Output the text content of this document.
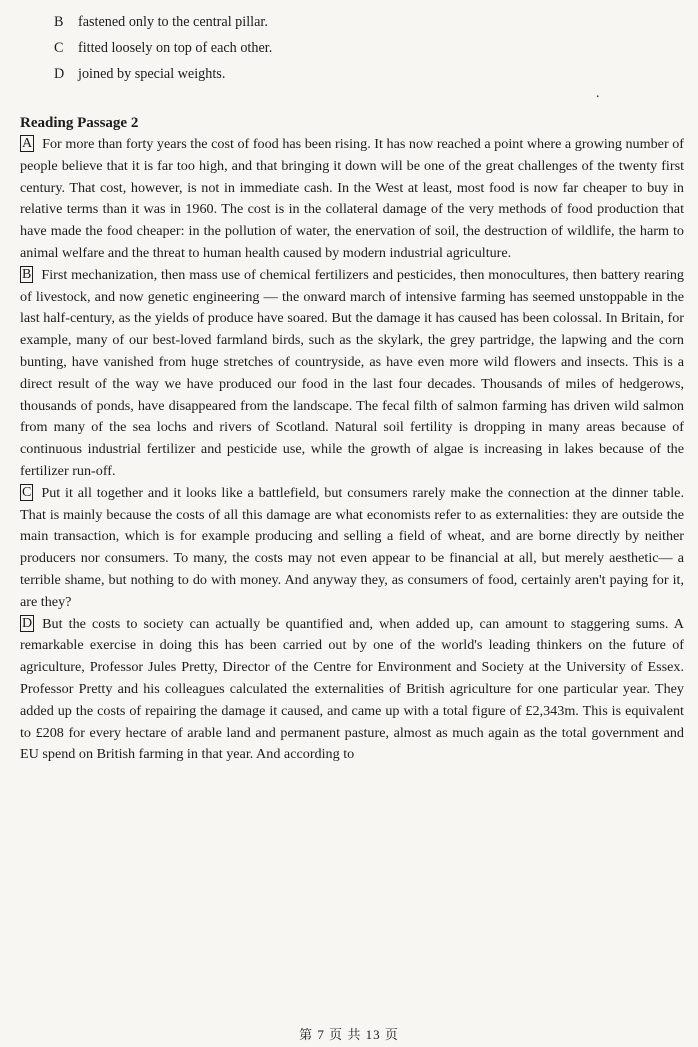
B fastened only to the central pillar.
C fitted loosely on top of each other.
D joined by special weights.
.
Reading Passage 2

A For more than forty years the cost of food has been rising. It has now reached a point where a growing number of people believe that it is far too high, and that bringing it down will be one of the great challenges of the twenty first century. That cost, however, is not in immediate cash. In the West at least, most food is now far cheaper to buy in relative terms than it was in 1960. The cost is in the collateral damage of the very methods of food production that have made the food cheaper: in the pollution of water, the enervation of soil, the destruction of wildlife, the harm to animal welfare and the threat to human health caused by modern industrial agriculture.

B First mechanization, then mass use of chemical fertilizers and pesticides, then monocultures, then battery rearing of livestock, and now genetic engineering — the onward march of intensive farming has seemed unstoppable in the last half-century, as the yields of produce have soared. But the damage it has caused has been colossal. In Britain, for example, many of our best-loved farmland birds, such as the skylark, the grey partridge, the lapwing and the corn bunting, have vanished from huge stretches of countryside, as have even more wild flowers and insects. This is a direct result of the way we have produced our food in the last four decades. Thousands of miles of hedgerows, thousands of ponds, have disappeared from the landscape. The fecal filth of salmon farming has driven wild salmon from many of the sea lochs and rivers of Scotland. Natural soil fertility is dropping in many areas because of continuous industrial fertilizer and pesticide use, while the growth of algae is increasing in lakes because of the fertilizer run-off.

C Put it all together and it looks like a battlefield, but consumers rarely make the connection at the dinner table. That is mainly because the costs of all this damage are what economists refer to as externalities: they are outside the main transaction, which is for example producing and selling a field of wheat, and are borne directly by neither producers nor consumers. To many, the costs may not even appear to be financial at all, but merely aesthetic— a terrible shame, but nothing to do with money. And anyway they, as consumers of food, certainly aren't paying for it, are they?

D But the costs to society can actually be quantified and, when added up, can amount to staggering sums. A remarkable exercise in doing this has been carried out by one of the world's leading thinkers on the future of agriculture, Professor Jules Pretty, Director of the Centre for Environment and Society at the University of Essex. Professor Pretty and his colleagues calculated the externalities of British agriculture for one particular year. They added up the costs of repairing the damage it caused, and came up with a total figure of £2,343m. This is equivalent to £208 for every hectare of arable land and permanent pasture, almost as much again as the total government and EU spend on British farming in that year. And according to

第 7 页 共 13 页
